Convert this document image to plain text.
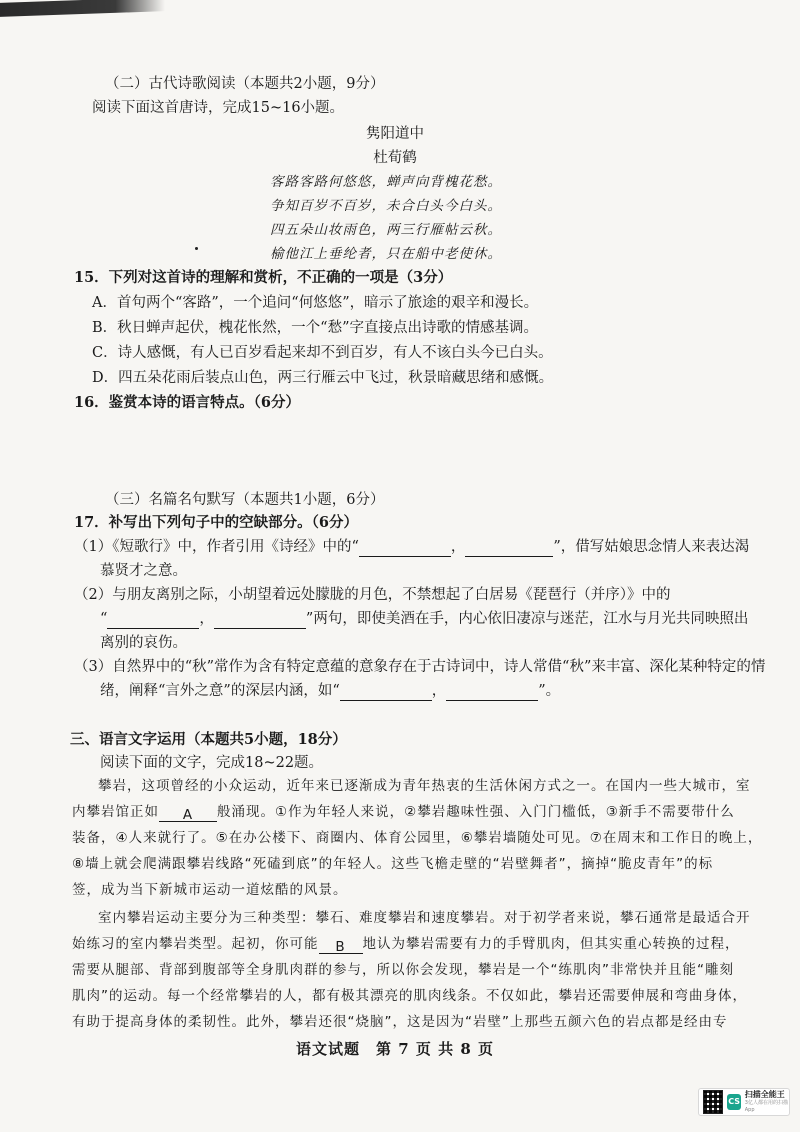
（二）古代诗歌阅读（本题共2小题，9分）
阅读下面这首唐诗，完成15~16小题。
隽阳道中
杜荀鹤
客路客路何悠悠，蝉声向背槐花愁。
争知百岁不百岁，未合白头今白头。
四五朵山妆雨色，两三行雁帖云秋。
榆他江上垂纶者，只在船中老使休。
15．下列对这首诗的理解和赏析，不正确的一项是（3分）
A．首句两个“客路”，一个追问“何悠悠”，暗示了旅途的艰辛和漫长。
B．秋日蝉声起伏，槐花怅然，一个“愁”字直接点出诗歌的情感基调。
C．诗人感慨，有人已百岁看起来却不到百岁，有人不该白头今已白头。
D．四五朵花雨后装点山色，两三行雁云中飞过，秋景暗藏思绪和感慨。
16．鉴赏本诗的语言特点。（6分）
（三）名篇名句默写（本题共1小题，6分）
17．补写出下列句子中的空缺部分。（6分）
（1）《短歌行》中，作者引用《诗经》中的“	，	”，借写姑娘思念情人来表达渴
慕贤才之意。
（2）与朋友离别之际，小胡望着远处朦胧的月色，不禁想起了白居易《琵琶行（并序）》中的
“	，	”两句，即使美酒在手，内心依旧凄凉与迷茫，江水与月光共同映照出
离别的哀伤。
（3）自然界中的“秋”常作为含有特定意蕴的意象存在于古诗词中，诗人常借“秋”来丰富、深化某种特定的情
绪，阐释“言外之意”的深层内涵，如“	，	”。
三、语言文字运用（本题共5小题，18分）
阅读下面的文字，完成18~22题。
攀岩，这项曾经的小众运动，近年来已逐渐成为青年热衷的生活休闲方式之一。在国内一些大城市，室
内攀岩馆正如 A 般涌现。①作为年轻人来说，②攀岩趣味性强、入门门槛低，③新手不需要带什么
装备，④人来就行了。⑤在办公楼下、商圈内、体育公园里，⑥攀岩墙随处可见。⑦在周末和工作日的晚上，
⑧墙上就会爬满跟攀岩线路“死磕到底”的年轻人。这些飞檐走壁的“岩壁舞者”，摘掉“脆皮青年”的标
签，成为当下新城市运动一道炫酷的风景。
室内攀岩运动主要分为三种类型：攀石、难度攀岩和速度攀岩。对于初学者来说，攀石通常是最适合开
始练习的室内攀岩类型。起初，你可能 B 地认为攀岩需要有力的手臂肌肉，但其实重心转换的过程，
需要从腿部、背部到腹部等全身肌肉群的参与，所以你会发现，攀岩是一个“练肌肉”非常快并且能“雕刻
肌肉”的运动。每一个经常攀岩的人，都有极其漂亮的肌肉线条。不仅如此，攀岩还需要伸展和弯曲身体，
有助于提高身体的柔韧性。此外，攀岩还很“烧脑”，这是因为“岩壁”上那些五颜六色的岩点都是经由专
语文试题　第 7 页 共 8 页
CS
扫描全能王
3亿人都在用的扫描App
